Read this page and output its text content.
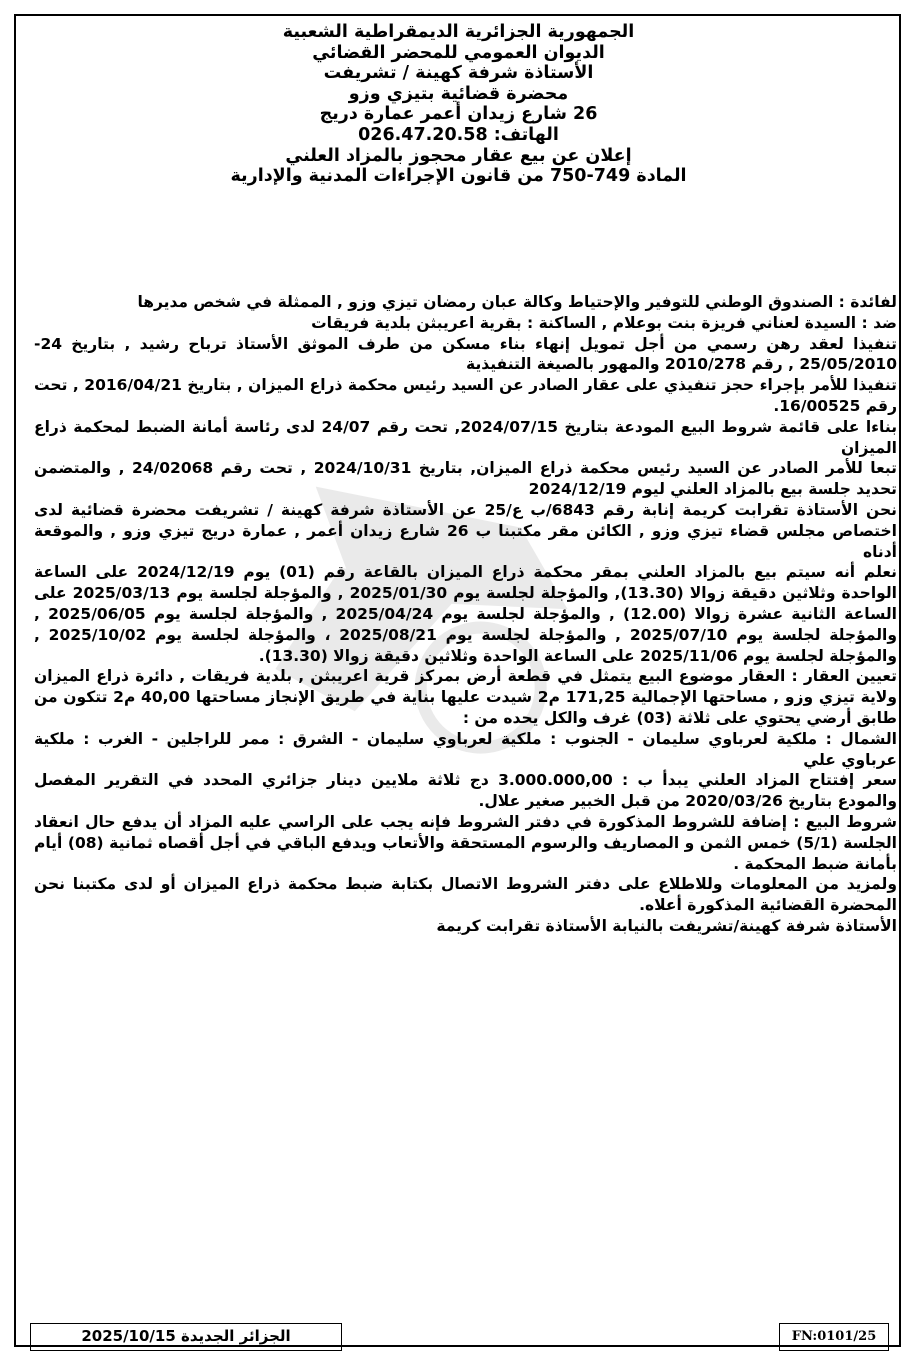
الجمهورية الجزائرية الديمقراطية الشعبية
الديوان العمومي للمحضر القضائي
الأستاذة شرفة كهينة / تشريفت
محضرة قضائية بتيزي وزو
26 شارع زيدان أعمر عمارة دريج
الهاتف: 026.47.20.58
إعلان عن بيع عقار محجوز بالمزاد العلني
المادة 749-750 من قانون الإجراءات المدنية والإدارية

لفائدة : الصندوق الوطني للتوفير والإحتياط وكالة عبان رمضان تيزي وزو , الممثلة في شخص مديرها

ضد : السيدة لعناني فريزة بنت بوعلام , الساكنة : بقرية اعريبثن بلدية فريقات

تنفيذا لعقد رهن رسمي من أجل تمويل إنهاء بناء مسكن من طرف الموثق الأستاذ ترباح رشيد , بتاريخ 24-25/05/2010 , رقم 2010/278 والمهور بالصيغة التنفيذية

تنفيذا للأمر بإجراء حجز تنفيذي على عقار الصادر عن السيد رئيس محكمة ذراع الميزان , بتاريخ 2016/04/21 , تحت رقم 16/00525.

بناءا على قائمة شروط البيع المودعة بتاريخ 2024/07/15, تحت رقم 24/07 لدى رئاسة أمانة الضبط لمحكمة ذراع الميزان

تبعا للأمر الصادر عن السيد رئيس محكمة ذراع الميزان, بتاريخ 2024/10/31 , تحت رقم 24/02068 , والمتضمن تحديد جلسة بيع بالمزاد العلني ليوم 2024/12/19

نحن الأستاذة تقرابت كريمة إنابة رقم 6843/ب ع/25 عن الأستاذة شرفة كهينة / تشريفت محضرة قضائية لدى اختصاص مجلس قضاء تيزي وزو , الكائن مقر مكتبنا ب 26 شارع زيدان أعمر , عمارة دريج تيزي وزو , والموقعة أدناه

نعلم أنه سيتم بيع بالمزاد العلني بمقر محكمة ذراع الميزان بالقاعة رقم (01) يوم 2024/12/19 على الساعة الواحدة وثلاثين دقيقة زوالا (13.30), والمؤجلة لجلسة يوم 2025/01/30 , والمؤجلة لجلسة يوم 2025/03/13 على الساعة الثانية عشرة زوالا (12.00) , والمؤجلة لجلسة يوم 2025/04/24 , والمؤجلة لجلسة يوم 2025/06/05 , والمؤجلة لجلسة يوم 2025/07/10 , والمؤجلة لجلسة يوم 2025/08/21 ، والمؤجلة لجلسة يوم 2025/10/02 , والمؤجلة لجلسة يوم 2025/11/06 على الساعة الواحدة وثلاثين دقيقة زوالا (13.30).

تعيين العقار : العقار موضوع البيع يتمثل في قطعة أرض بمركز قرية اعريبثن , بلدية فريقات , دائرة ذراع الميزان ولاية تيزي وزو , مساحتها الإجمالية 171,25 م2 شيدت عليها بناية في طريق الإنجاز مساحتها 40,00 م2 تتكون من طابق أرضي يحتوي على ثلاثة (03) غرف والكل يحده من :

الشمال : ملكية لعرباوي سليمان - الجنوب : ملكية لعرباوي سليمان - الشرق : ممر للراجلين - الغرب : ملكية عرباوي علي

سعر إفتتاح المزاد العلني يبدأ ب : 3.000.000,00 دج ثلاثة ملايين دينار جزائري المحدد في التقرير المفصل والمودع بتاريخ 2020/03/26 من قبل الخبير صغير علال.

شروط البيع : إضافة للشروط المذكورة في دفتر الشروط فإنه يجب على الراسي عليه المزاد أن يدفع حال انعقاد الجلسة (5/1) خمس الثمن و المصاريف والرسوم المستحقة والأتعاب ويدفع الباقي في أجل أقصاه ثمانية (08) أيام بأمانة ضبط المحكمة .

ولمزيد من المعلومات وللاطلاع على دفتر الشروط الاتصال بكتابة ضبط محكمة ذراع الميزان أو لدى مكتبنا نحن المحضرة القضائية المذكورة أعلاه.

الأستاذة شرفة كهينة/تشريفت بالنيابة الأستاذة تقرابت كريمة

الجزائر الجديدة 2025/10/15	FN:0101/25
